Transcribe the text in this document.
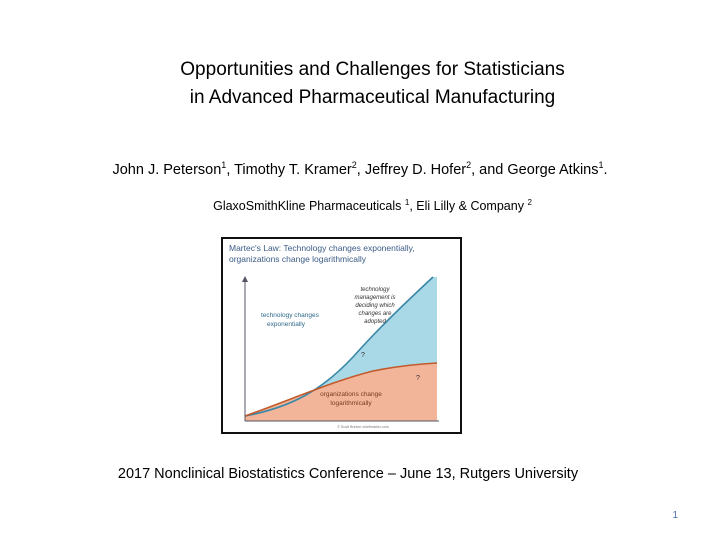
Opportunities and Challenges for Statisticians
in Advanced Pharmaceutical Manufacturing
John J. Peterson$^1$, Timothy T. Kramer$^2$, Jeffrey D. Hofer$^2$, and George Atkins$^1$.
GlaxoSmithKline Pharmaceuticals $^1$, Eli Lilly & Company $^2$
Martec's Law: Technology changes exponentially,
organizations change logarithmically
technology changes
exponentially
technology
management is
deciding which
changes are
adopted
?
?
organizations change
logarithmically
© Scott Brinker chiefmartec.com
2017 Nonclinical Biostatistics Conference – June 13, Rutgers University
1
